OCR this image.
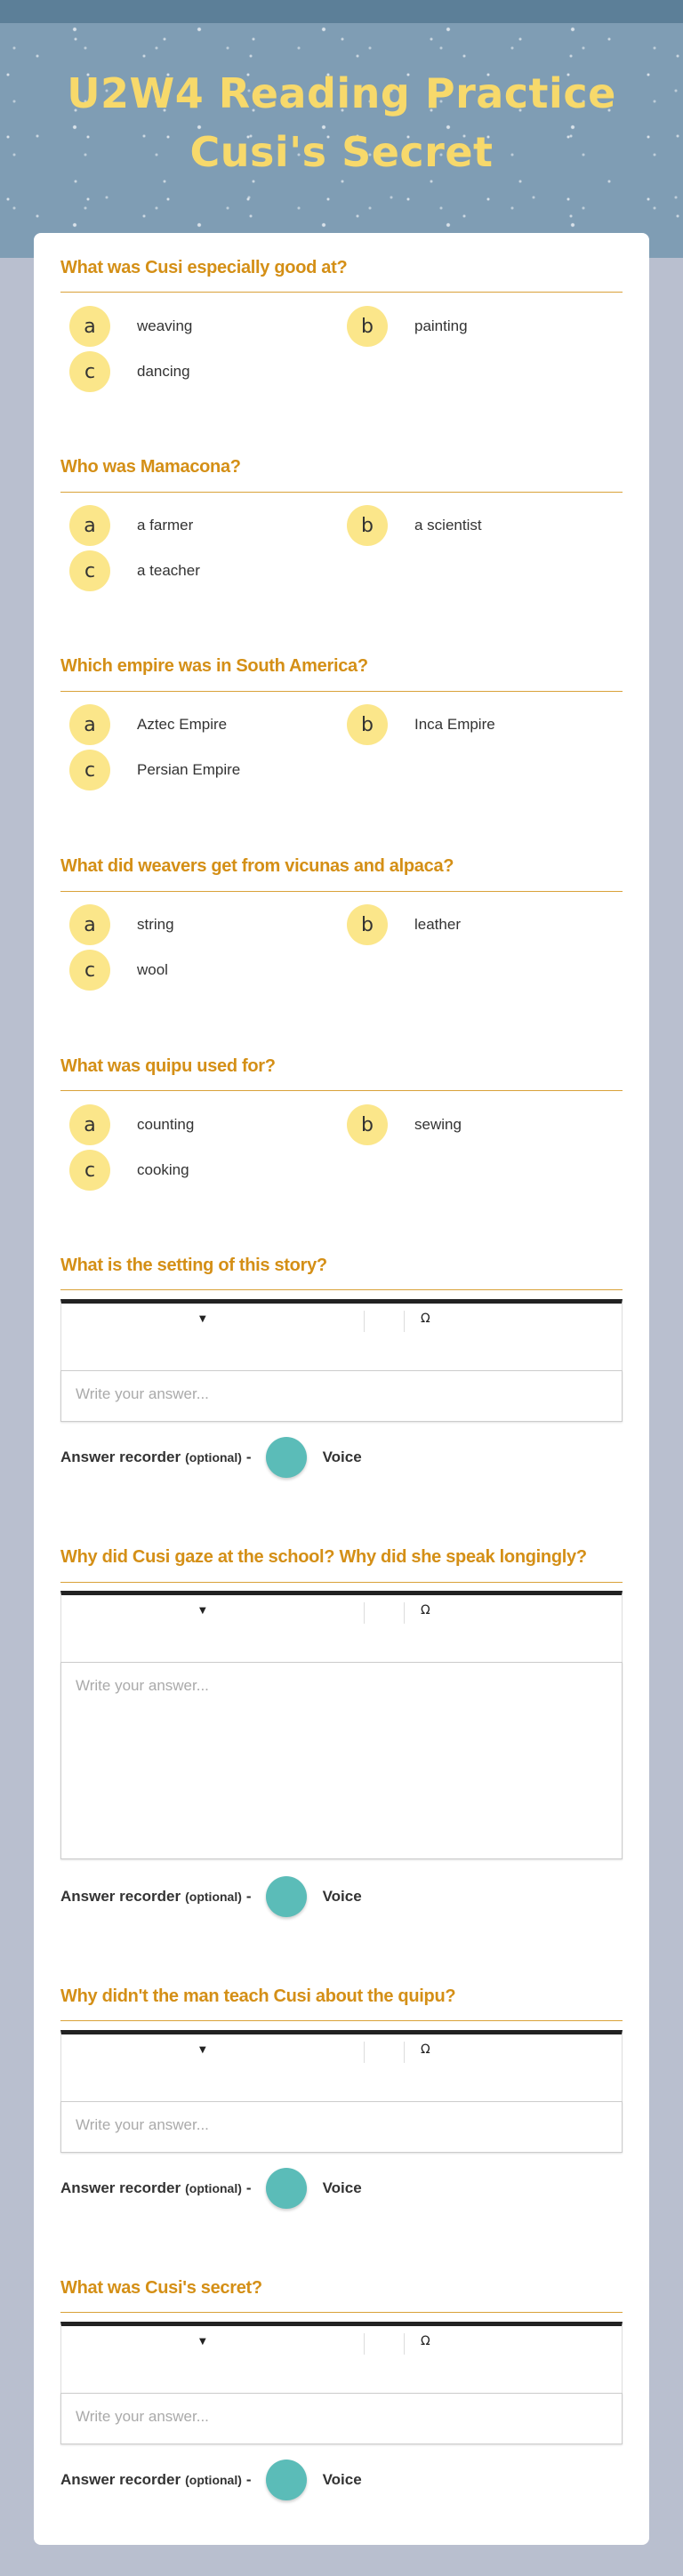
U2W4 Reading Practice Cusi's Secret
What was Cusi especially good at?
a	weaving	b	painting
c	dancing
Who was Mamacona?
a	a farmer	b	a scientist
c	a teacher
Which empire was in South America?
a	Aztec Empire	b	Inca Empire
c	Persian Empire
What did weavers get from vicunas and alpaca?
a	string	b	leather
c	wool
What was quipu used for?
a	counting	b	sewing
c	cooking
What is the setting of this story?
▼	Ω
Write your answer...
Answer recorder (optional) -	Voice
Why did Cusi gaze at the school? Why did she speak longingly?
▼	Ω
Write your answer...
Answer recorder (optional) -	Voice
Why didn't the man teach Cusi about the quipu?
▼	Ω
Write your answer...
Answer recorder (optional) -	Voice
What was Cusi's secret?
▼	Ω
Write your answer...
Answer recorder (optional) -	Voice
